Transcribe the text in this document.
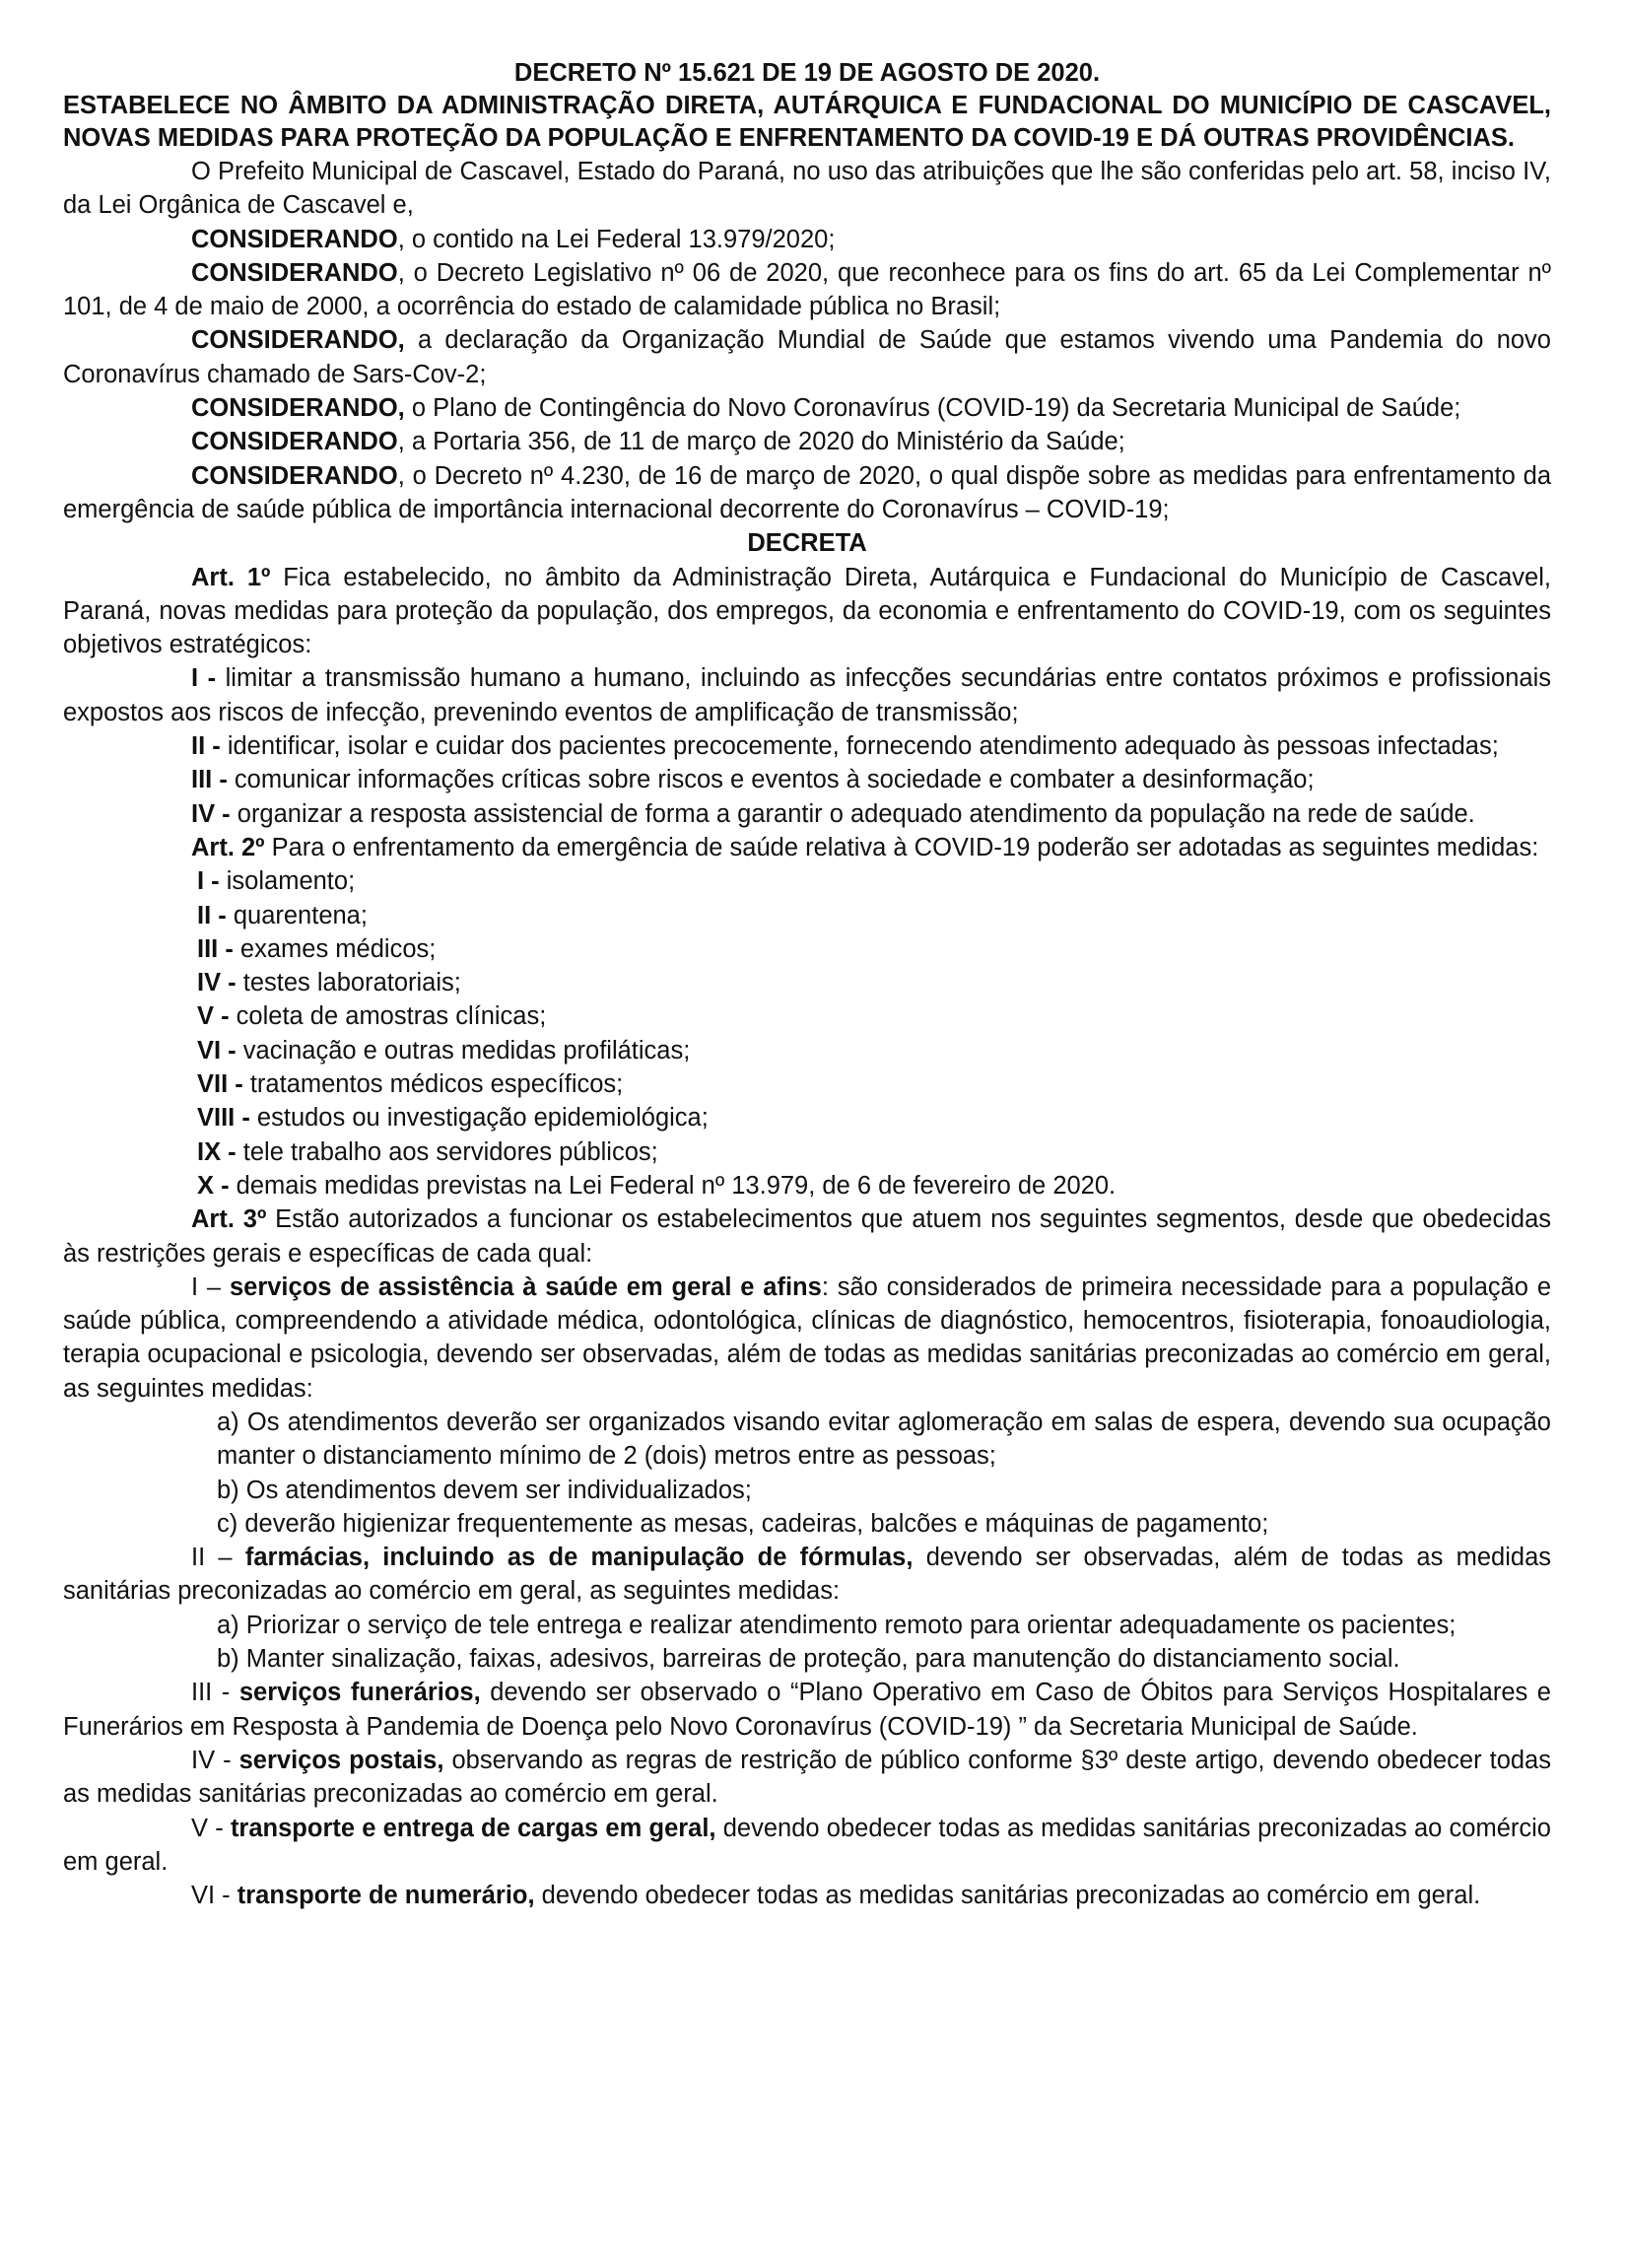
DECRETO Nº 15.621 DE 19 DE AGOSTO DE 2020.

ESTABELECE NO ÂMBITO DA ADMINISTRAÇÃO DIRETA, AUTÁRQUICA E FUNDACIONAL DO MUNICÍPIO DE CASCAVEL, NOVAS MEDIDAS PARA PROTEÇÃO DA POPULAÇÃO E ENFRENTAMENTO DA COVID-19 E DÁ OUTRAS PROVIDÊNCIAS.

O Prefeito Municipal de Cascavel, Estado do Paraná, no uso das atribuições que lhe são conferidas pelo art. 58, inciso IV, da Lei Orgânica de Cascavel e,

CONSIDERANDO, o contido na Lei Federal 13.979/2020;

CONSIDERANDO, o Decreto Legislativo nº 06 de 2020, que reconhece para os fins do art. 65 da Lei Complementar nº 101, de 4 de maio de 2000, a ocorrência do estado de calamidade pública no Brasil;

CONSIDERANDO, a declaração da Organização Mundial de Saúde que estamos vivendo uma Pandemia do novo Coronavírus chamado de Sars-Cov-2;

CONSIDERANDO, o Plano de Contingência do Novo Coronavírus (COVID-19) da Secretaria Municipal de Saúde;

CONSIDERANDO, a Portaria 356, de 11 de março de 2020 do Ministério da Saúde;

CONSIDERANDO, o Decreto nº 4.230, de 16 de março de 2020, o qual dispõe sobre as medidas para enfrentamento da emergência de saúde pública de importância internacional decorrente do Coronavírus – COVID-19;

DECRETA

Art. 1º Fica estabelecido, no âmbito da Administração Direta, Autárquica e Fundacional do Município de Cascavel, Paraná, novas medidas para proteção da população, dos empregos, da economia e enfrentamento do COVID-19, com os seguintes objetivos estratégicos:

I - limitar a transmissão humano a humano, incluindo as infecções secundárias entre contatos próximos e profissionais expostos aos riscos de infecção, prevenindo eventos de amplificação de transmissão;

II - identificar, isolar e cuidar dos pacientes precocemente, fornecendo atendimento adequado às pessoas infectadas;

III - comunicar informações críticas sobre riscos e eventos à sociedade e combater a desinformação;

IV - organizar a resposta assistencial de forma a garantir o adequado atendimento da população na rede de saúde.

Art. 2º Para o enfrentamento da emergência de saúde relativa à COVID-19 poderão ser adotadas as seguintes medidas:

I - isolamento;

II - quarentena;

III - exames médicos;

IV - testes laboratoriais;

V - coleta de amostras clínicas;

VI - vacinação e outras medidas profiláticas;

VII - tratamentos médicos específicos;

VIII - estudos ou investigação epidemiológica;

IX - tele trabalho aos servidores públicos;

X - demais medidas previstas na Lei Federal nº 13.979, de 6 de fevereiro de 2020.

Art. 3º Estão autorizados a funcionar os estabelecimentos que atuem nos seguintes segmentos, desde que obedecidas às restrições gerais e específicas de cada qual:

I – serviços de assistência à saúde em geral e afins: são considerados de primeira necessidade para a população e saúde pública, compreendendo a atividade médica, odontológica, clínicas de diagnóstico, hemocentros, fisioterapia, fonoaudiologia, terapia ocupacional e psicologia, devendo ser observadas, além de todas as medidas sanitárias preconizadas ao comércio em geral, as seguintes medidas:

a) Os atendimentos deverão ser organizados visando evitar aglomeração em salas de espera, devendo sua ocupação manter o distanciamento mínimo de 2 (dois) metros entre as pessoas;

b) Os atendimentos devem ser individualizados;

c) deverão higienizar frequentemente as mesas, cadeiras, balcões e máquinas de pagamento;

II – farmácias, incluindo as de manipulação de fórmulas, devendo ser observadas, além de todas as medidas sanitárias preconizadas ao comércio em geral, as seguintes medidas:

a) Priorizar o serviço de tele entrega e realizar atendimento remoto para orientar adequadamente os pacientes;

b) Manter sinalização, faixas, adesivos, barreiras de proteção, para manutenção do distanciamento social.

III - serviços funerários, devendo ser observado o “Plano Operativo em Caso de Óbitos para Serviços Hospitalares e Funerários em Resposta à Pandemia de Doença pelo Novo Coronavírus (COVID-19) ” da Secretaria Municipal de Saúde.

IV - serviços postais, observando as regras de restrição de público conforme §3º deste artigo, devendo obedecer todas as medidas sanitárias preconizadas ao comércio em geral.

V - transporte e entrega de cargas em geral, devendo obedecer todas as medidas sanitárias preconizadas ao comércio em geral.

VI - transporte de numerário, devendo obedecer todas as medidas sanitárias preconizadas ao comércio em geral.
